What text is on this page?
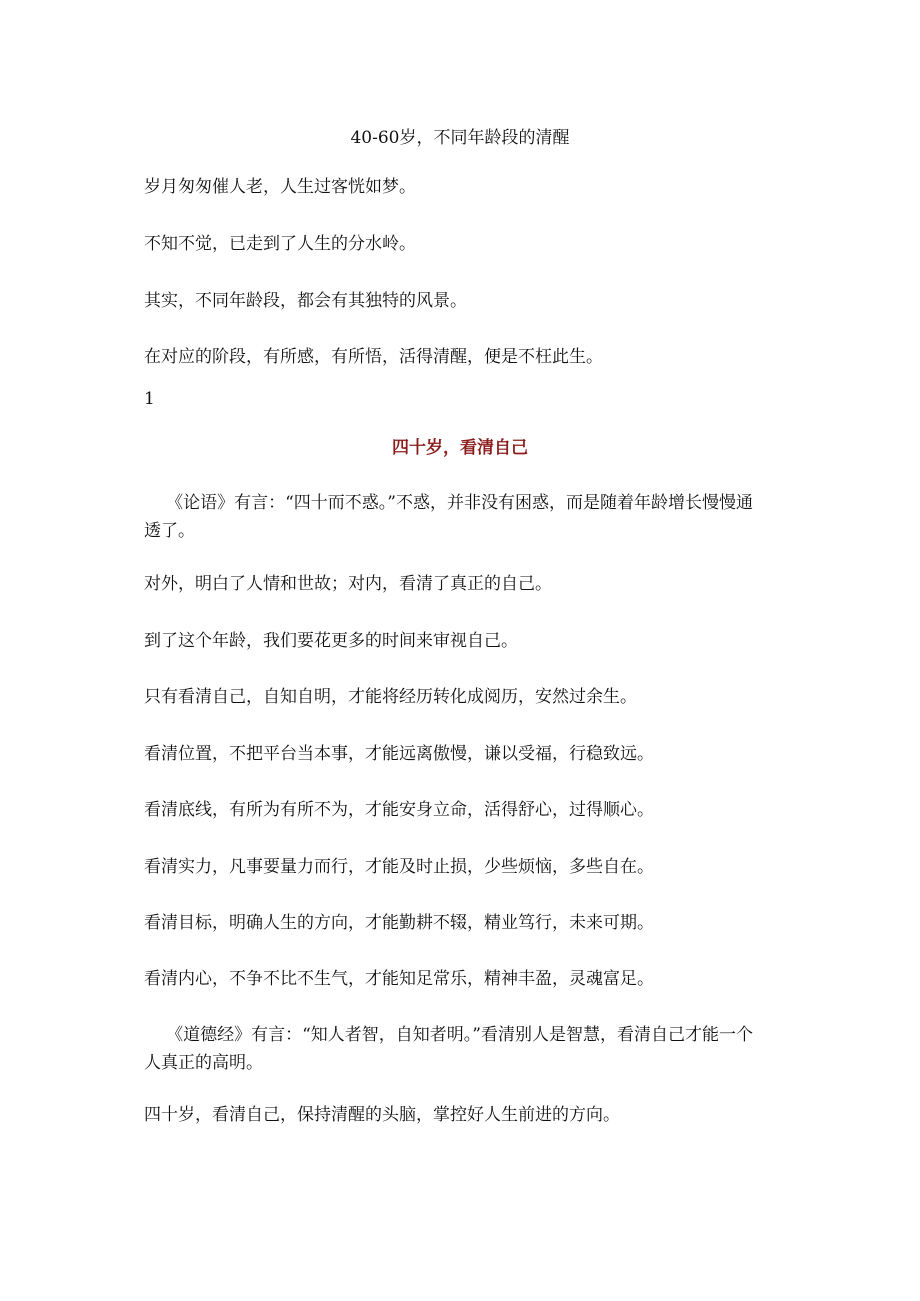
40-60岁，不同年龄段的清醒
岁月匆匆催人老，人生过客恍如梦。
不知不觉，已走到了人生的分水岭。
其实，不同年龄段，都会有其独特的风景。
在对应的阶段，有所感，有所悟，活得清醒，便是不枉此生。
1
四十岁，看清自己
《论语》有言：“四十而不惑。”不惑，并非没有困惑，而是随着年龄增长慢慢通透了。
对外，明白了人情和世故；对内，看清了真正的自己。
到了这个年龄，我们要花更多的时间来审视自己。
只有看清自己，自知自明，才能将经历转化成阅历，安然过余生。
看清位置，不把平台当本事，才能远离傲慢，谦以受福，行稳致远。
看清底线，有所为有所不为，才能安身立命，活得舒心，过得顺心。
看清实力，凡事要量力而行，才能及时止损，少些烦恼，多些自在。
看清目标，明确人生的方向，才能勤耕不辍，精业笃行，未来可期。
看清内心，不争不比不生气，才能知足常乐，精神丰盈，灵魂富足。
《道德经》有言：“知人者智，自知者明。”看清别人是智慧，看清自己才能一个人真正的高明。
四十岁，看清自己，保持清醒的头脑，掌控好人生前进的方向。
